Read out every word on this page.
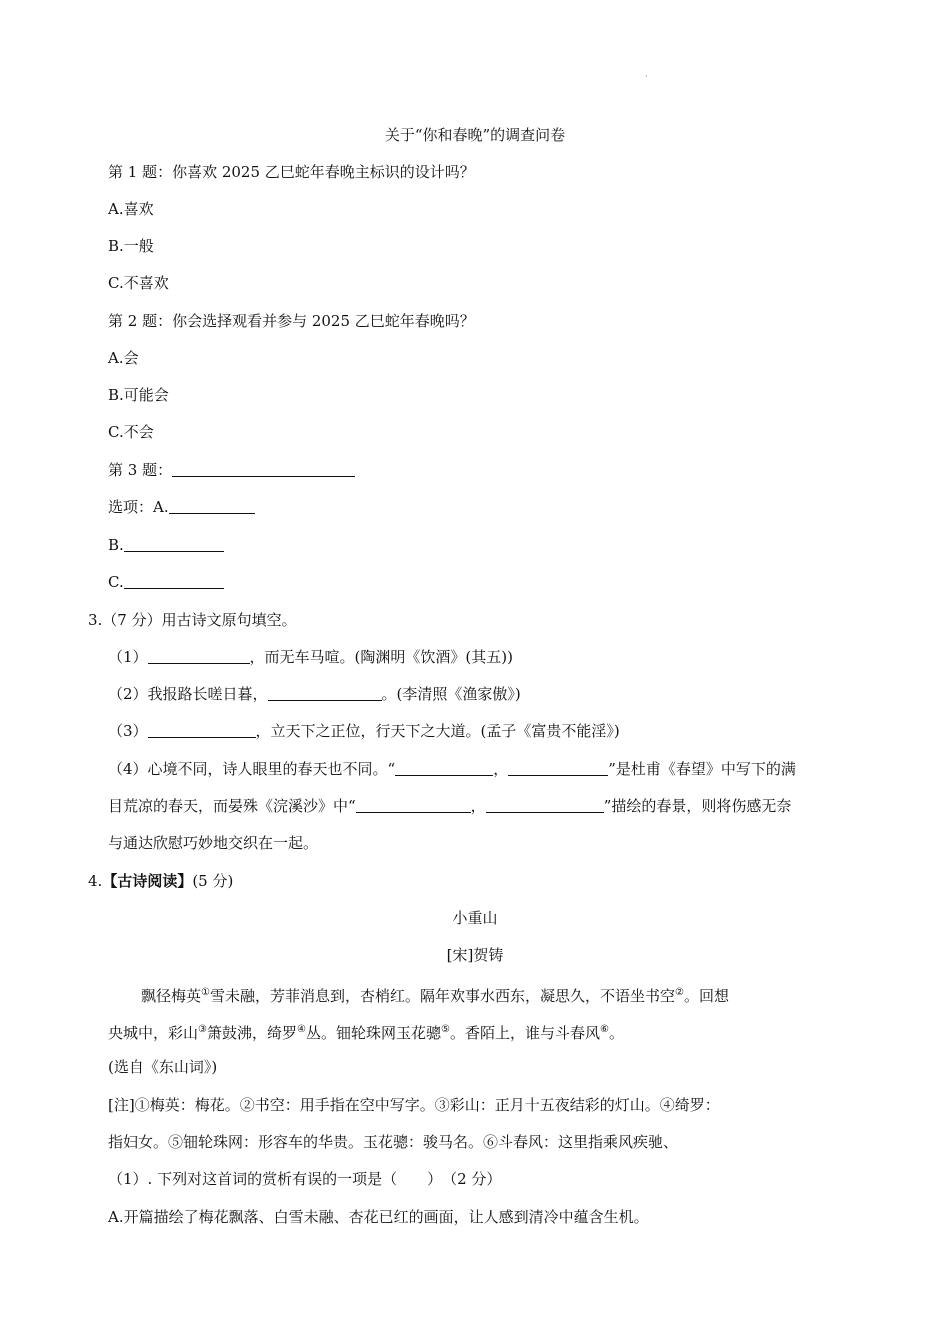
·
关于“你和春晚”的调查问卷
第 1 题：你喜欢 2025 乙巳蛇年春晚主标识的设计吗？
A.喜欢
B.一般
C.不喜欢
第 2 题：你会选择观看并参与 2025 乙巳蛇年春晚吗？
A.会
B.可能会
C.不会
第 3 题：
选项：A.
B.
C.
3.（7 分）用古诗文原句填空。
（1）	，而无车马喧。(陶渊明《饮酒》(其五))
（2）我报路长嗟日暮，	。(李清照《渔家傲》)
（3）	，立天下之正位，行天下之大道。(孟子《富贵不能淫》)
（4）心境不同，诗人眼里的春天也不同。“	，	”是杜甫《春望》中写下的满
目荒凉的春天，而晏殊《浣溪沙》中“	，	”描绘的春景，则将伤感无奈
与通达欣慰巧妙地交织在一起。
4.【古诗阅读】(5 分)
小重山
[宋]贺铸
飘径梅英①雪未融，芳菲消息到，杏梢红。隔年欢事水西东，凝思久，不语坐书空②。回想
央城中，彩山③箫鼓沸，绮罗④丛。钿轮珠网玉花骢⑤。香陌上，谁与斗春风⑥。
(选自《东山词》)
[注]①梅英：梅花。②书空：用手指在空中写字。③彩山：正月十五夜结彩的灯山。④绮罗：
指妇女。⑤钿轮珠网：形容车的华贵。玉花骢：骏马名。⑥斗春风：这里指乘风疾驰、
（1）. 下列对这首词的赏析有误的一项是（　　）　（2 分）
A.开篇描绘了梅花飘落、白雪未融、杏花已红的画面，让人感到清冷中蕴含生机。
